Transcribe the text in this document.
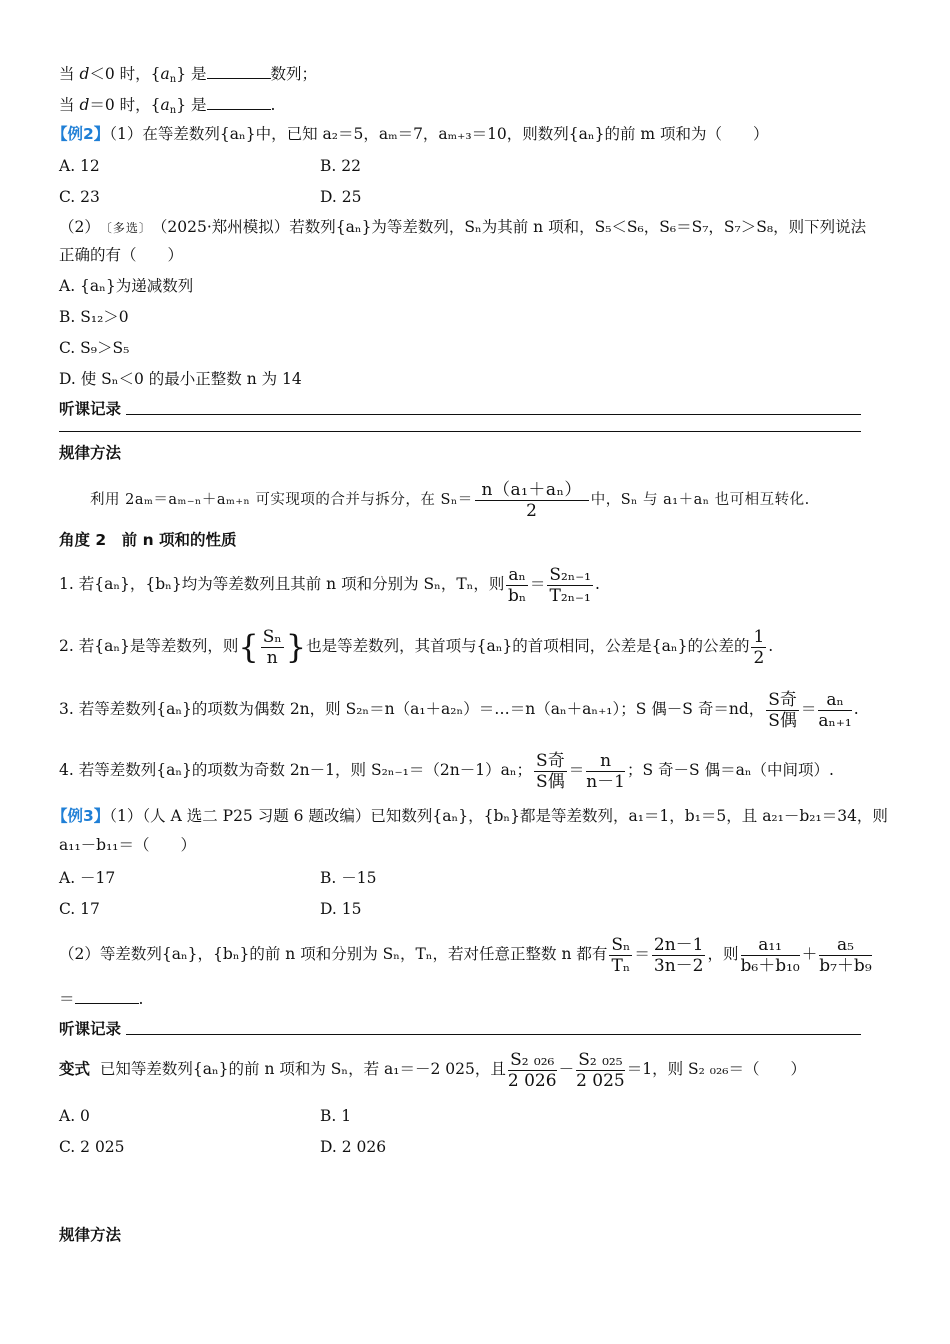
当 d＜0 时，$\{a_n\}$ 是	数列；
当 d＝0 时，$\{a_n\}$ 是	.
【例2】（1）在等差数列{aₙ}中，已知 a₂＝5，aₘ＝7，aₘ₊₃＝10，则数列{aₙ}的前 m 项和为（　　）
A. 12	B. 22
C. 23	D. 25
（2）〔多选〕（2025·郑州模拟）若数列{aₙ}为等差数列，Sₙ为其前 n 项和，S₅＜S₆，S₆＝S₇，S₇＞S₈，则下列说法
正确的有（　　）
A. {aₙ}为递减数列
B. S₁₂＞0
C. S₉＞S₅
D. 使 Sₙ＜0 的最小正整数 n 为 14
听课记录
规律方法
利用 2aₘ＝aₘ₋ₙ＋aₘ₊ₙ 可实现项的合并与拆分，在 $S_n= \frac{\text{n（a₁＋aₙ）}}{2}$ 中，Sₙ 与 a₁＋aₙ 也可相互转化.
角度 2　前 n 项和的性质
1. 若{aₙ}，{bₙ}均为等差数列且其前 n 项和分别为 Sₙ，Tₙ，则 $\frac{\text{aₙ}}{\text{bₙ}} = \frac{\text{S₂ₙ₋₁}}{\text{T₂ₙ₋₁}}$ .
2. 若{aₙ}是等差数列，则{ $\frac{\text{Sₙ}}{n}$ }也是等差数列，其首项与{aₙ}的首项相同，公差是{aₙ}的公差的 $\frac{1}{2}$ .
3. 若等差数列{aₙ}的项数为偶数 2n，则 S₂ₙ＝n（a₁＋a₂ₙ）＝…＝n（aₙ＋aₙ₊₁）；S 偶－S 奇＝nd， $\frac{\text{S奇}}{\text{S偶}} = \frac{\text{aₙ}}{\text{aₙ₊₁}}$ .
4. 若等差数列{aₙ}的项数为奇数 2n－1，则 S₂ₙ₋₁＝（2n－1）aₙ； $\frac{\text{S奇}}{\text{S偶}} = \frac{n}{n-1}$ ；S 奇－S 偶＝aₙ（中间项）.
【例3】（1）（人 A 选二 P25 习题 6 题改编）已知数列{aₙ}，{bₙ}都是等差数列，a₁＝1，b₁＝5，且 a₂₁－b₂₁＝34，则
a₁₁－b₁₁＝（　　）
A. －17	B. －15
C. 17	D. 15
（2）等差数列{aₙ}，{bₙ}的前 n 项和分别为 Sₙ，Tₙ，若对任意正整数 n 都有 $\frac{\text{Sₙ}}{\text{Tₙ}} = \frac{2n-1}{3n-2}$ ，则 $\frac{\text{a₁₁}}{\text{b₆＋b₁₀}} + \frac{\text{a₅}}{\text{b₇＋b₉}}$
＝	.
听课记录
变式 已知等差数列{aₙ}的前 n 项和为 Sₙ，若 a₁＝－2 025，且 $\frac{\text{S₂ ₀₂₆}}{2 026} - \frac{\text{S₂ ₀₂₅}}{2 025} =1$，则 S₂ ₀₂₆＝（　　）
A. 0	B. 1
C. 2 025	D. 2 026
规律方法
